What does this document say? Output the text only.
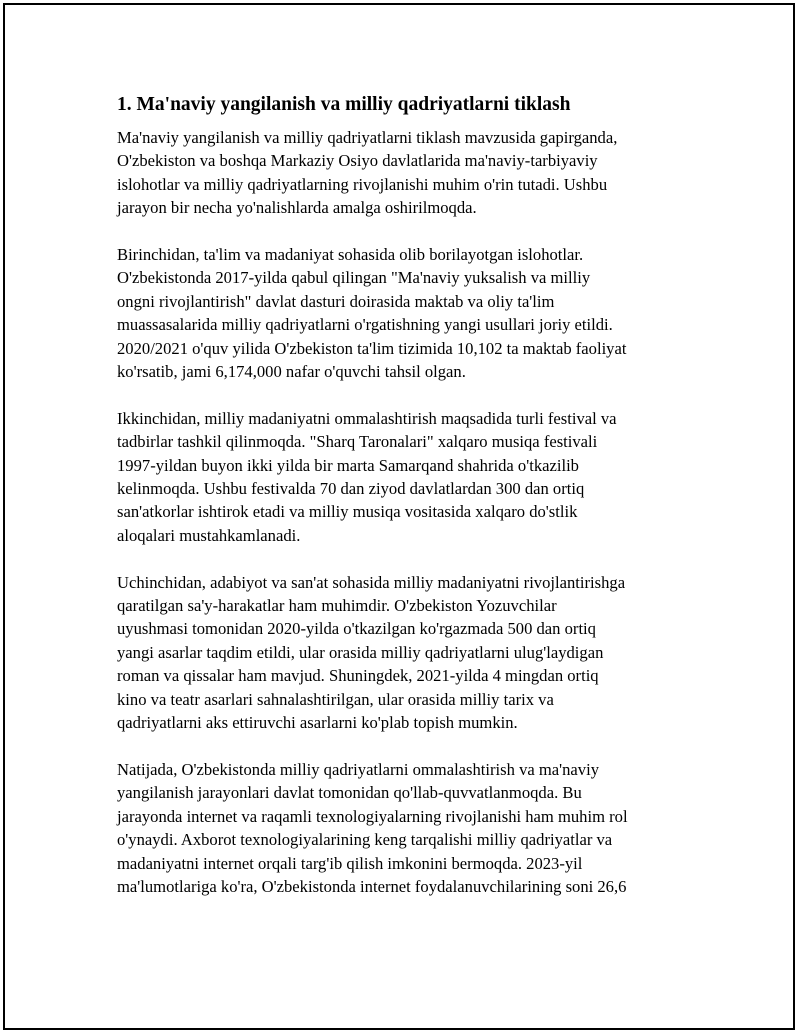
1. Ma'naviy yangilanish va milliy qadriyatlarni tiklash

Ma'naviy yangilanish va milliy qadriyatlarni tiklash mavzusida gapirganda,
O'zbekiston va boshqa Markaziy Osiyo davlatlarida ma'naviy-tarbiyaviy
islohotlar va milliy qadriyatlarning rivojlanishi muhim o'rin tutadi. Ushbu
jarayon bir necha yo'nalishlarda amalga oshirilmoqda.

Birinchidan, ta'lim va madaniyat sohasida olib borilayotgan islohotlar.
O'zbekistonda 2017-yilda qabul qilingan "Ma'naviy yuksalish va milliy
ongni rivojlantirish" davlat dasturi doirasida maktab va oliy ta'lim
muassasalarida milliy qadriyatlarni o'rgatishning yangi usullari joriy etildi.
2020/2021 o'quv yilida O'zbekiston ta'lim tizimida 10,102 ta maktab faoliyat
ko'rsatib, jami 6,174,000 nafar o'quvchi tahsil olgan.

Ikkinchidan, milliy madaniyatni ommalashtirish maqsadida turli festival va
tadbirlar tashkil qilinmoqda. "Sharq Taronalari" xalqaro musiqa festivali
1997-yildan buyon ikki yilda bir marta Samarqand shahrida o'tkazilib
kelinmoqda. Ushbu festivalda 70 dan ziyod davlatlardan 300 dan ortiq
san'atkorlar ishtirok etadi va milliy musiqa vositasida xalqaro do'stlik
aloqalari mustahkamlanadi.

Uchinchidan, adabiyot va san'at sohasida milliy madaniyatni rivojlantirishga
qaratilgan sa'y-harakatlar ham muhimdir. O'zbekiston Yozuvchilar
uyushmasi tomonidan 2020-yilda o'tkazilgan ko'rgazmada 500 dan ortiq
yangi asarlar taqdim etildi, ular orasida milliy qadriyatlarni ulug'laydigan
roman va qissalar ham mavjud. Shuningdek, 2021-yilda 4 mingdan ortiq
kino va teatr asarlari sahnalashtirilgan, ular orasida milliy tarix va
qadriyatlarni aks ettiruvchi asarlarni ko'plab topish mumkin.

Natijada, O'zbekistonda milliy qadriyatlarni ommalashtirish va ma'naviy
yangilanish jarayonlari davlat tomonidan qo'llab-quvvatlanmoqda. Bu
jarayonda internet va raqamli texnologiyalarning rivojlanishi ham muhim rol
o'ynaydi. Axborot texnologiyalarining keng tarqalishi milliy qadriyatlar va
madaniyatni internet orqali targ'ib qilish imkonini bermoqda. 2023-yil
ma'lumotlariga ko'ra, O'zbekistonda internet foydalanuvchilarining soni 26,6
